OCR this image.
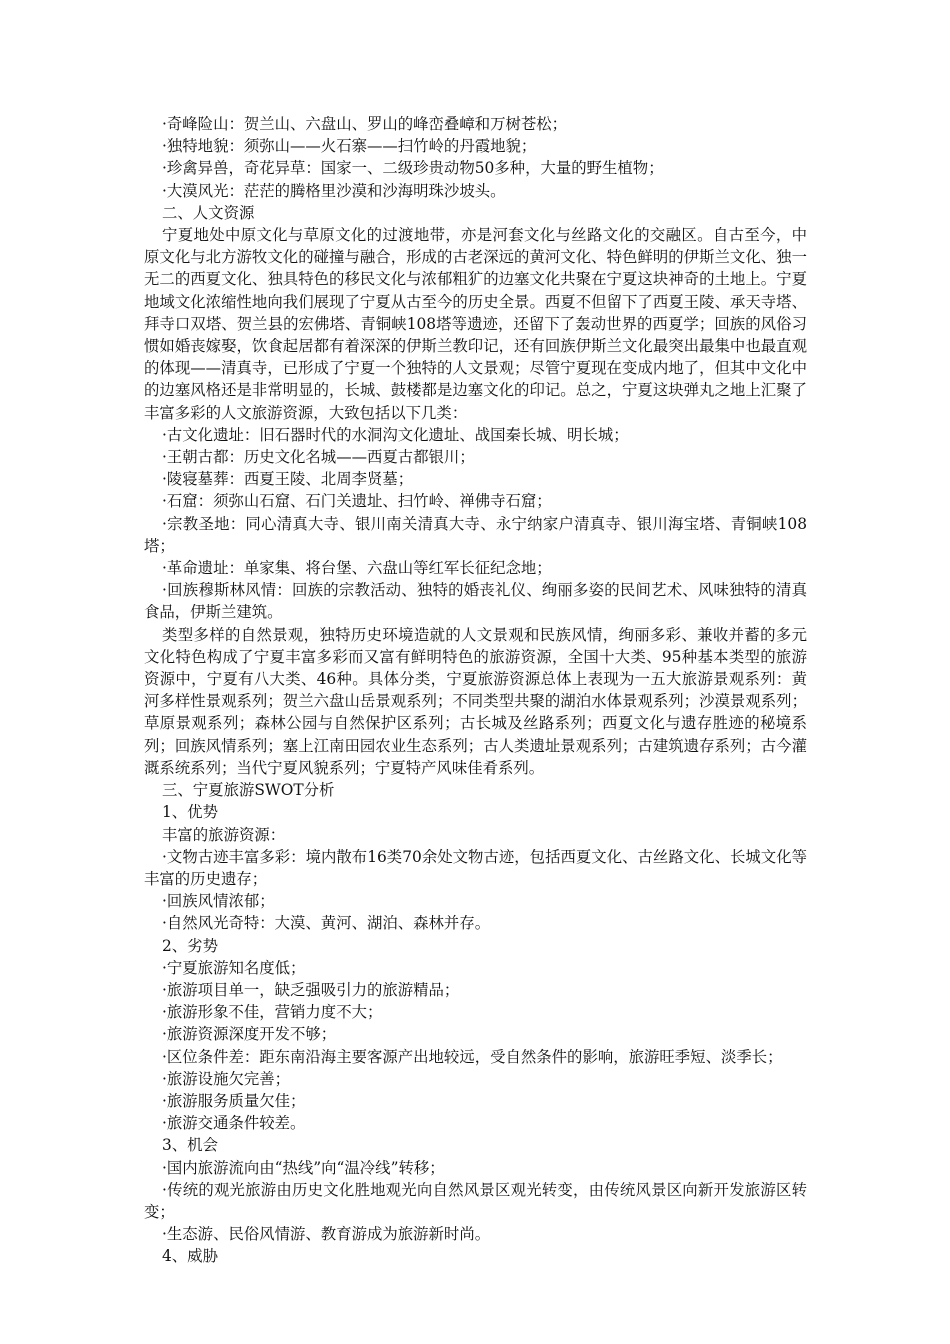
·奇峰险山：贺兰山、六盘山、罗山的峰峦叠嶂和万树苍松；

·独特地貌：须弥山——火石寨——扫竹岭的丹霞地貌；

·珍禽异兽，奇花异草：国家一、二级珍贵动物50多种，大量的野生植物；

·大漠风光：茫茫的腾格里沙漠和沙海明珠沙坡头。

二、人文资源

宁夏地处中原文化与草原文化的过渡地带，亦是河套文化与丝路文化的交融区。自古至今，中原文化与北方游牧文化的碰撞与融合，形成的古老深远的黄河文化、特色鲜明的伊斯兰文化、独一无二的西夏文化、独具特色的移民文化与浓郁粗犷的边塞文化共聚在宁夏这块神奇的土地上。宁夏地域文化浓缩性地向我们展现了宁夏从古至今的历史全景。西夏不但留下了西夏王陵、承天寺塔、拜寺口双塔、贺兰县的宏佛塔、青铜峡108塔等遗迹，还留下了轰动世界的西夏学；回族的风俗习惯如婚丧嫁娶，饮食起居都有着深深的伊斯兰教印记，还有回族伊斯兰文化最突出最集中也最直观的体现——清真寺，已形成了宁夏一个独特的人文景观；尽管宁夏现在变成内地了，但其中文化中的边塞风格还是非常明显的，长城、鼓楼都是边塞文化的印记。总之，宁夏这块弹丸之地上汇聚了丰富多彩的人文旅游资源，大致包括以下几类：

·古文化遗址：旧石器时代的水洞沟文化遗址、战国秦长城、明长城；

·王朝古都：历史文化名城——西夏古都银川；

·陵寝墓葬：西夏王陵、北周李贤墓；

·石窟：须弥山石窟、石门关遗址、扫竹岭、禅佛寺石窟；

·宗教圣地：同心清真大寺、银川南关清真大寺、永宁纳家户清真寺、银川海宝塔、青铜峡108塔；

·革命遗址：单家集、将台堡、六盘山等红军长征纪念地；

·回族穆斯林风情：回族的宗教活动、独特的婚丧礼仪、绚丽多姿的民间艺术、风味独特的清真食品，伊斯兰建筑。

类型多样的自然景观，独特历史环境造就的人文景观和民族风情，绚丽多彩、兼收并蓄的多元文化特色构成了宁夏丰富多彩而又富有鲜明特色的旅游资源，全国十大类、95种基本类型的旅游资源中，宁夏有八大类、46种。具体分类，宁夏旅游资源总体上表现为一五大旅游景观系列：黄河多样性景观系列；贺兰六盘山岳景观系列；不同类型共聚的湖泊水体景观系列；沙漠景观系列；草原景观系列；森林公园与自然保护区系列；古长城及丝路系列；西夏文化与遗存胜迹的秘境系列；回族风情系列；塞上江南田园农业生态系列；古人类遗址景观系列；古建筑遗存系列；古今灌溉系统系列；当代宁夏风貌系列；宁夏特产风味佳肴系列。

三、宁夏旅游SWOT分析

1、优势

丰富的旅游资源：

·文物古迹丰富多彩：境内散布16类70余处文物古迹，包括西夏文化、古丝路文化、长城文化等丰富的历史遗存；

·回族风情浓郁；

·自然风光奇特：大漠、黄河、湖泊、森林并存。

2、劣势

·宁夏旅游知名度低；

·旅游项目单一，缺乏强吸引力的旅游精品；

·旅游形象不佳，营销力度不大；

·旅游资源深度开发不够；

·区位条件差：距东南沿海主要客源产出地较远，受自然条件的影响，旅游旺季短、淡季长；

·旅游设施欠完善；

·旅游服务质量欠佳；

·旅游交通条件较差。

3、机会

·国内旅游流向由“热线”向“温冷线”转移；

·传统的观光旅游由历史文化胜地观光向自然风景区观光转变，由传统风景区向新开发旅游区转变；

·生态游、民俗风情游、教育游成为旅游新时尚。

4、威胁
